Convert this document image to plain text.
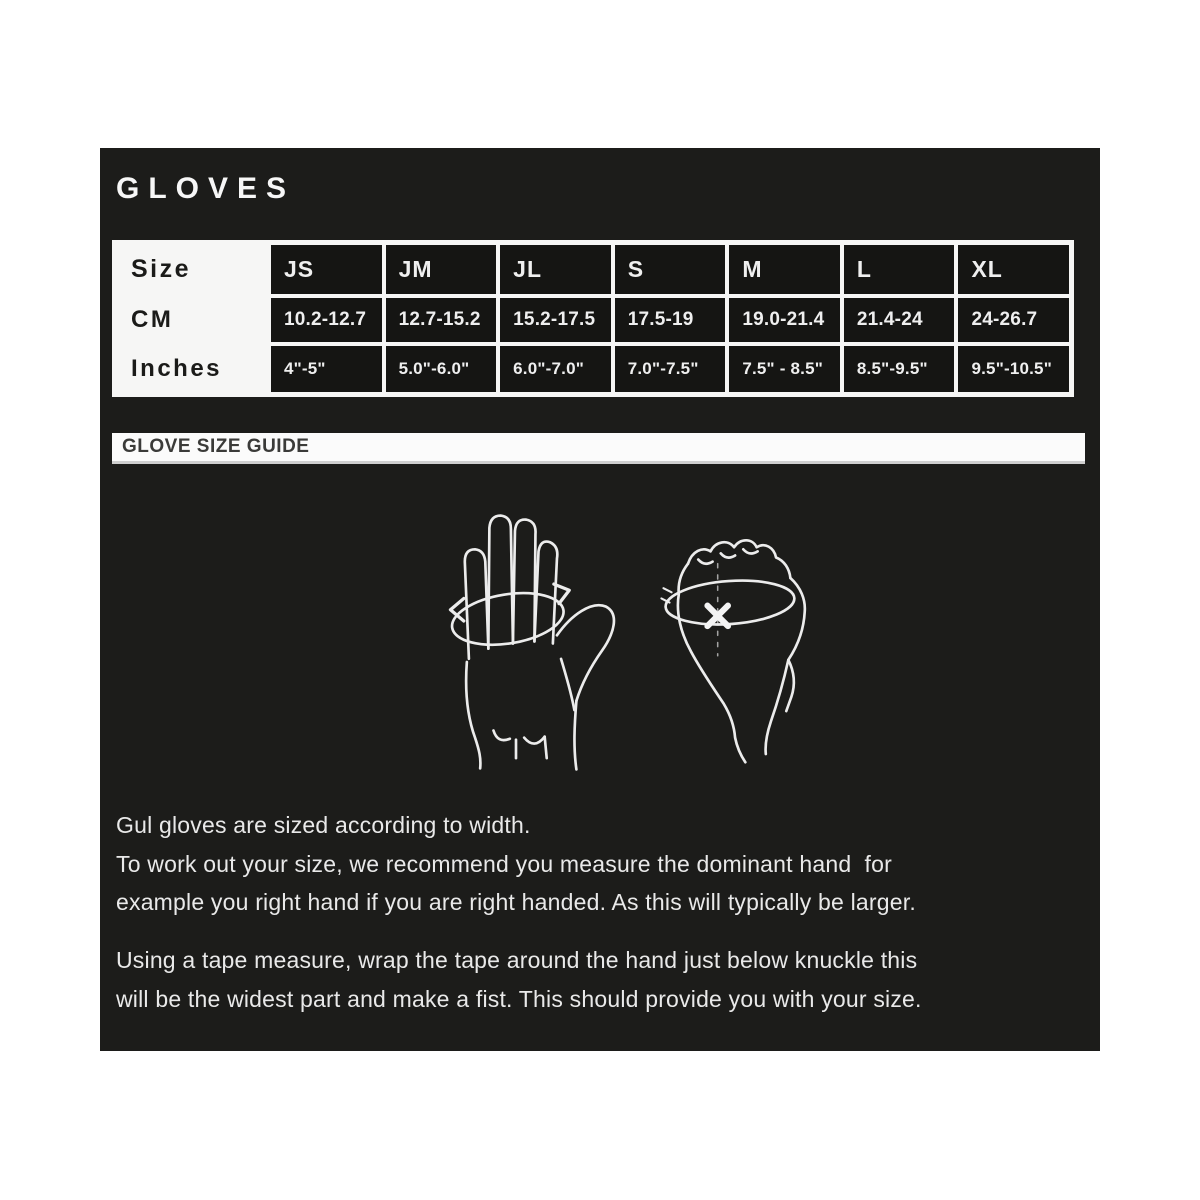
GLOVES
Size	JS	JM	JL	S	M	L	XL
CM	10.2-12.7	12.7-15.2	15.2-17.5	17.5-19	19.0-21.4	21.4-24	24-26.7
Inches	4"-5"	5.0"-6.0"	6.0"-7.0"	7.0"-7.5"	7.5" - 8.5"	8.5"-9.5"	9.5"-10.5"
GLOVE SIZE GUIDE

Gul gloves are sized according to width.
To work out your size, we recommend you measure the dominant hand  for
example you right hand if you are right handed. As this will typically be larger.

Using a tape measure, wrap the tape around the hand just below knuckle this
will be the widest part and make a fist. This should provide you with your size.
